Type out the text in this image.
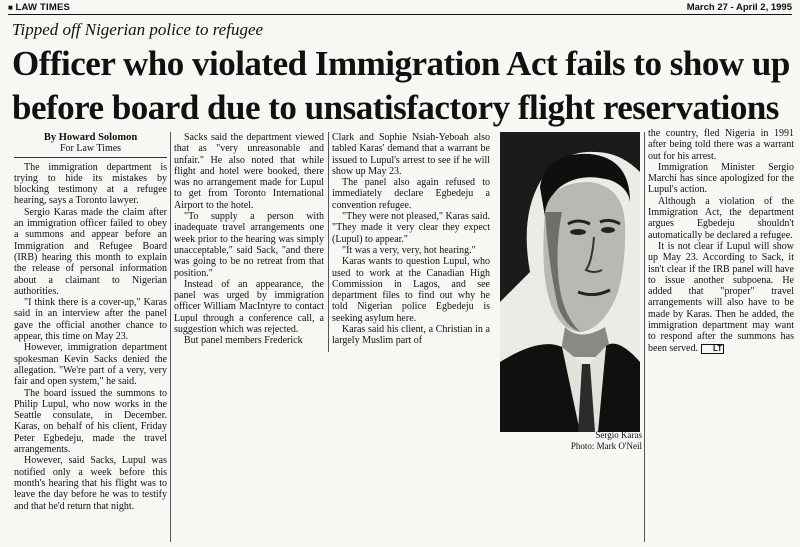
■ LAW TIMES	March 27 - April 2, 1995
Tipped off Nigerian police to refugee
Officer who violated Immigration Act fails to show up
before board due to unsatisfactory flight reservations
By Howard Solomon
For Law Times

The immigration department is trying to hide its mistakes by blocking testimony at a refugee hearing, says a Toronto lawyer.

Sergio Karas made the claim after an immigration officer failed to obey a summons and appear before an Immigration and Refugee Board (IRB) hearing this month to explain the release of personal information about a claimant to Nigerian authorities.

"I think there is a cover-up," Karas said in an interview after the panel gave the official another chance to appear, this time on May 23.

However, immigration department spokesman Kevin Sacks denied the allegation. "We're part of a very, very fair and open system," he said.

The board issued the summons to Philip Lupul, who now works in the Seattle consulate, in December. Karas, on behalf of his client, Friday Peter Egbedeju, made the travel arrangements.

However, said Sacks, Lupul was notified only a week before this month's hearing that his flight was to leave the day before he was to testify and that he'd return that night.

Sacks said the department viewed that as "very unreasonable and unfair." He also noted that while flight and hotel were booked, there was no arrangement made for Lupul to get from Toronto International Airport to the hotel.

"To supply a person with inadequate travel arrangements one week prior to the hearing was simply unacceptable," said Sack, "and there was going to be no retreat from that position."

Instead of an appearance, the panel was urged by immigration officer William MacIntyre to contact Lupul through a conference call, a suggestion which was rejected.

But panel members Frederick

Clark and Sophie Nsiah-Yeboah also tabled Karas' demand that a warrant be issued to Lupul's arrest to see if he will show up May 23.

The panel also again refused to immediately declare Egbedeju a convention refugee.

"They were not pleased," Karas said. "They made it very clear they expect (Lupul) to appear."

"It was a very, very, hot hearing."

Karas wants to question Lupul, who used to work at the Canadian High Commission in Lagos, and see department files to find out why he told Nigerian police Egbedeju is seeking asylum here.

Karas said his client, a Christian in a largely Muslim part of

Sergio Karas
Photo: Mark O'Neil

the country, fled Nigeria in 1991 after being told there was a warrant out for his arrest.

Immigration Minister Sergio Marchi has since apologized for the Lupul's action.

Although a violation of the Immigration Act, the department argues Egbedeju shouldn't automatically be declared a refugee.

It is not clear if Lupul will show up May 23. According to Sack, it isn't clear if the IRB panel will have to issue another subpoena. He added that "proper" travel arrangements will also have to be made by Karas. Then he added, the immigration department may want to respond after the summons has been served. LT
